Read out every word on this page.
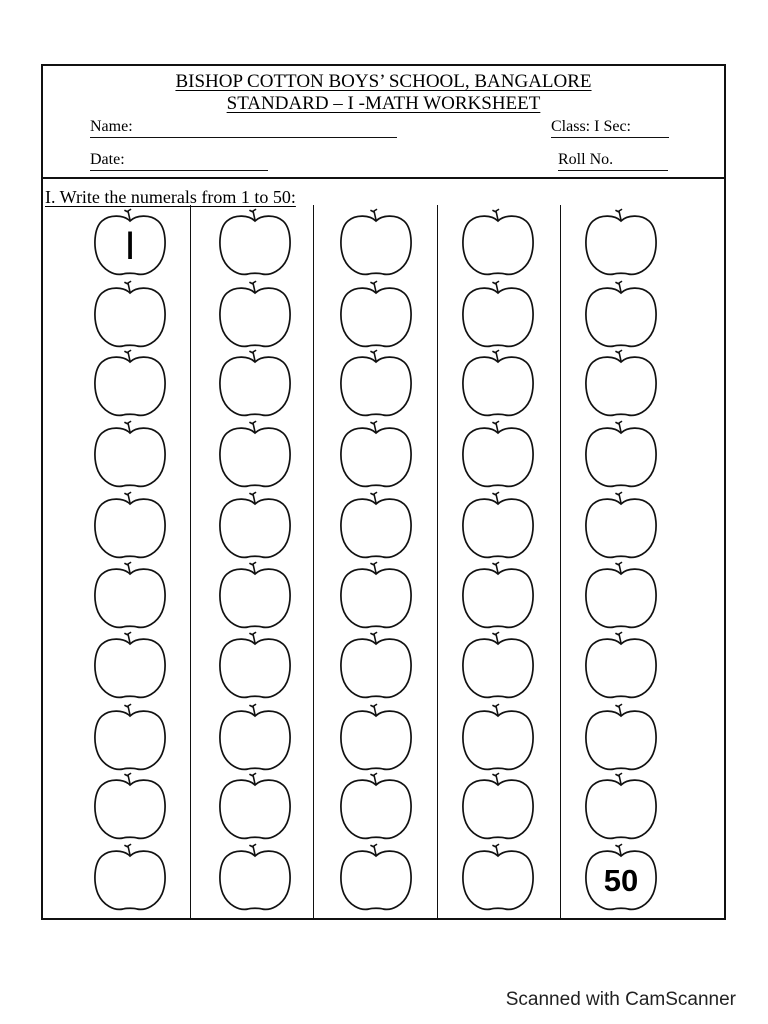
BISHOP COTTON BOYS’ SCHOOL, BANGALORE
STANDARD – I -MATH WORKSHEET
Name:	Class: I Sec:
Date:	Roll No.
I. Write the numerals from 1 to 50:
I
50
Scanned with CamScanner
